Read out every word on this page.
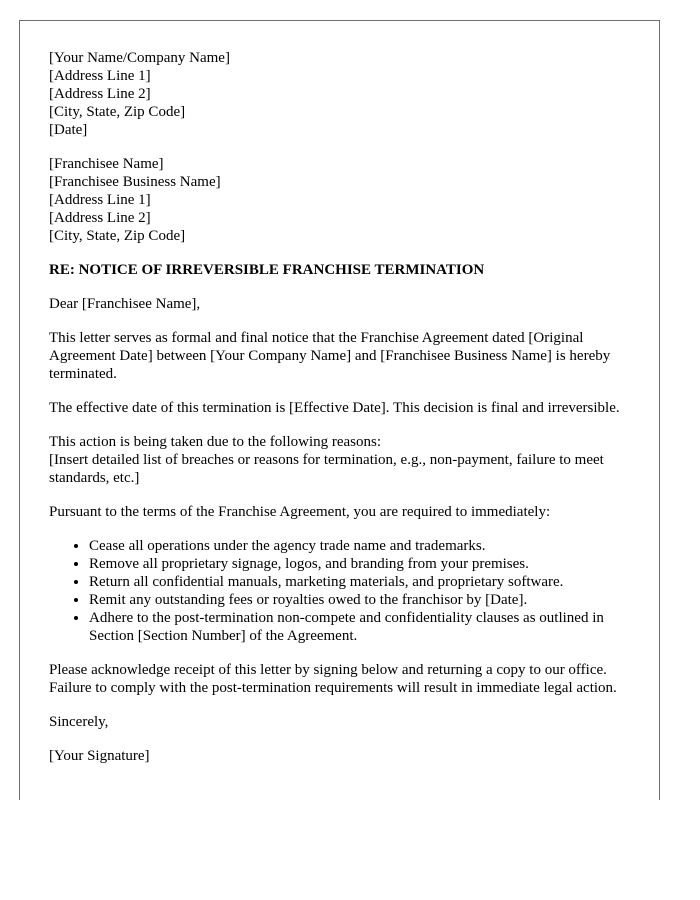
[Your Name/Company Name]
[Address Line 1]
[Address Line 2]
[City, State, Zip Code]
[Date]
[Franchisee Name]
[Franchisee Business Name]
[Address Line 1]
[Address Line 2]
[City, State, Zip Code]
RE: NOTICE OF IRREVERSIBLE FRANCHISE TERMINATION

Dear [Franchisee Name],

This letter serves as formal and final notice that the Franchise Agreement dated [Original Agreement Date] between [Your Company Name] and [Franchisee Business Name] is hereby terminated.

The effective date of this termination is [Effective Date]. This decision is final and irreversible.

This action is being taken due to the following reasons:
[Insert detailed list of breaches or reasons for termination, e.g., non-payment, failure to meet standards, etc.]

Pursuant to the terms of the Franchise Agreement, you are required to immediately:

• Cease all operations under the agency trade name and trademarks.
• Remove all proprietary signage, logos, and branding from your premises.
• Return all confidential manuals, marketing materials, and proprietary software.
• Remit any outstanding fees or royalties owed to the franchisor by [Date].
• Adhere to the post-termination non-compete and confidentiality clauses as outlined in Section [Section Number] of the Agreement.

Please acknowledge receipt of this letter by signing below and returning a copy to our office. Failure to comply with the post-termination requirements will result in immediate legal action.

Sincerely,

[Your Signature]
